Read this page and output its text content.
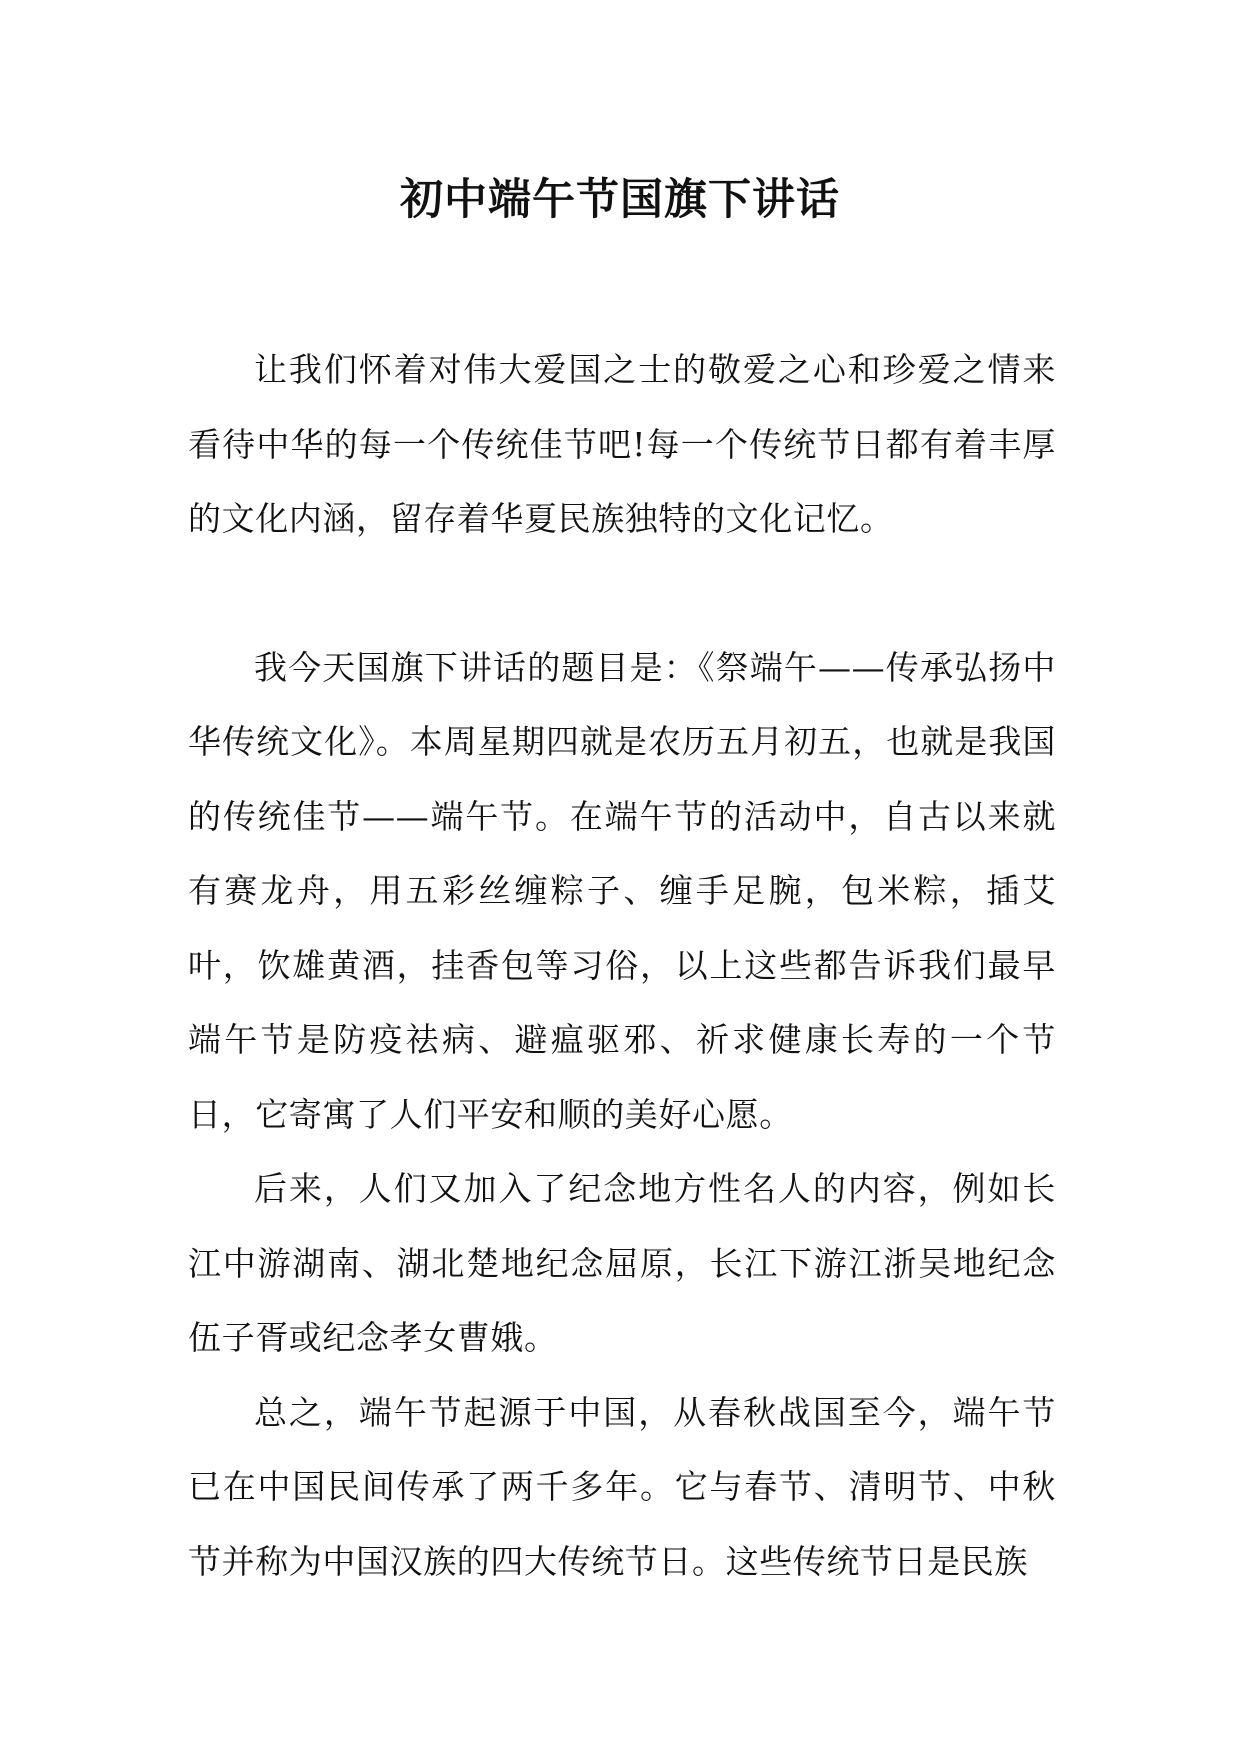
初中端午节国旗下讲话

让我们怀着对伟大爱国之士的敬爱之心和珍爱之情来看待中华的每一个传统佳节吧!每一个传统节日都有着丰厚的文化内涵，留存着华夏民族独特的文化记忆。

我今天国旗下讲话的题目是：《祭端午——传承弘扬中华传统文化》。本周星期四就是农历五月初五，也就是我国的传统佳节——端午节。在端午节的活动中，自古以来就有赛龙舟，用五彩丝缠粽子、缠手足腕，包米粽，插艾叶，饮雄黄酒，挂香包等习俗，以上这些都告诉我们最早端午节是防疫祛病、避瘟驱邪、祈求健康长寿的一个节日，它寄寓了人们平安和顺的美好心愿。

后来，人们又加入了纪念地方性名人的内容，例如长江中游湖南、湖北楚地纪念屈原，长江下游江浙吴地纪念伍子胥或纪念孝女曹娥。

总之，端午节起源于中国，从春秋战国至今，端午节已在中国民间传承了两千多年。它与春节、清明节、中秋节并称为中国汉族的四大传统节日。这些传统节日是民族
